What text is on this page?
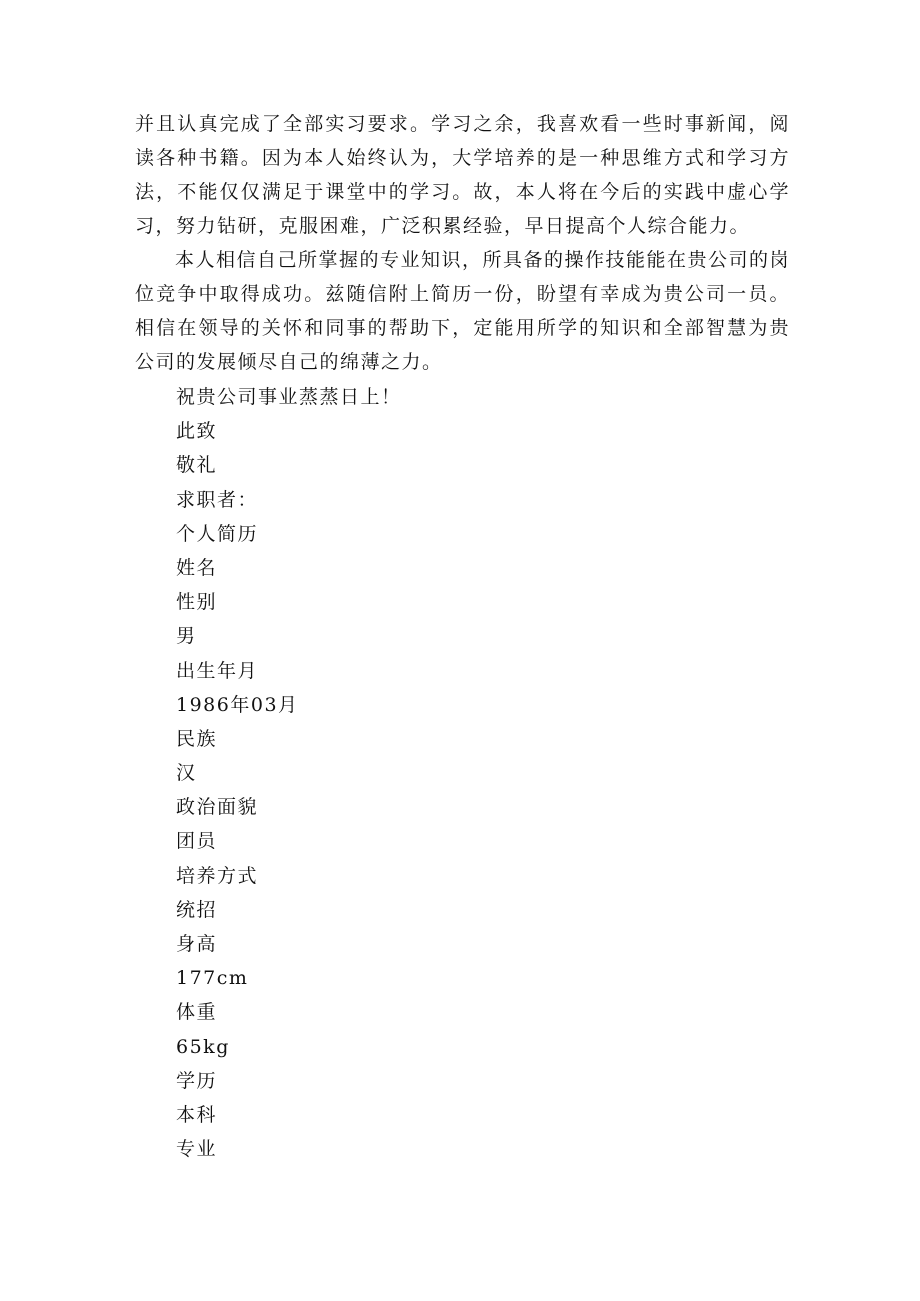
并且认真完成了全部实习要求。学习之余，我喜欢看一些时事新闻，阅读各种书籍。因为本人始终认为，大学培养的是一种思维方式和学习方法，不能仅仅满足于课堂中的学习。故，本人将在今后的实践中虚心学习，努力钻研，克服困难，广泛积累经验，早日提高个人综合能力。

本人相信自己所掌握的专业知识，所具备的操作技能能在贵公司的岗位竞争中取得成功。兹随信附上简历一份，盼望有幸成为贵公司一员。相信在领导的关怀和同事的帮助下，定能用所学的知识和全部智慧为贵公司的发展倾尽自己的绵薄之力。

祝贵公司事业蒸蒸日上！
此致
敬礼
求职者：
个人简历
姓名
性别
男
出生年月
1986年03月
民族
汉
政治面貌
团员
培养方式
统招
身高
177cm
体重
65kg
学历
本科
专业
